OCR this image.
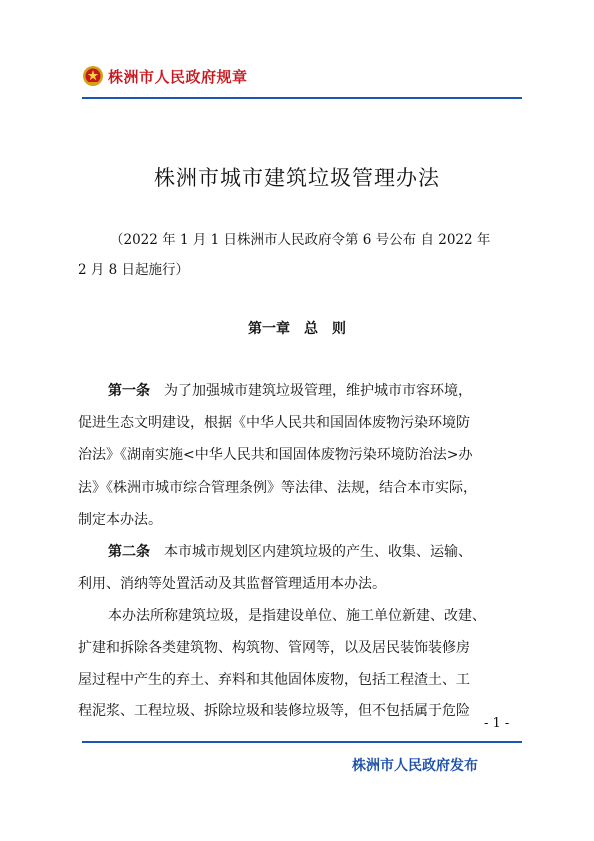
株洲市人民政府规章
株洲市城市建筑垃圾管理办法
（2022 年 1 月 1 日株洲市人民政府令第 6 号公布 自 2022 年
2 月 8 日起施行）
第一章　总　则
第一条　为了加强城市建筑垃圾管理，维护城市市容环境，
促进生态文明建设，根据《中华人民共和国固体废物污染环境防
治法》《湖南实施<中华人民共和国固体废物污染环境防治法>办
法》《株洲市城市综合管理条例》等法律、法规，结合本市实际，
制定本办法。
第二条　本市城市规划区内建筑垃圾的产生、收集、运输、
利用、消纳等处置活动及其监督管理适用本办法。
本办法所称建筑垃圾，是指建设单位、施工单位新建、改建、
扩建和拆除各类建筑物、构筑物、管网等，以及居民装饰装修房
屋过程中产生的弃土、弃料和其他固体废物，包括工程渣土、工
程泥浆、工程垃圾、拆除垃圾和装修垃圾等，但不包括属于危险
- 1 -
株洲市人民政府发布
